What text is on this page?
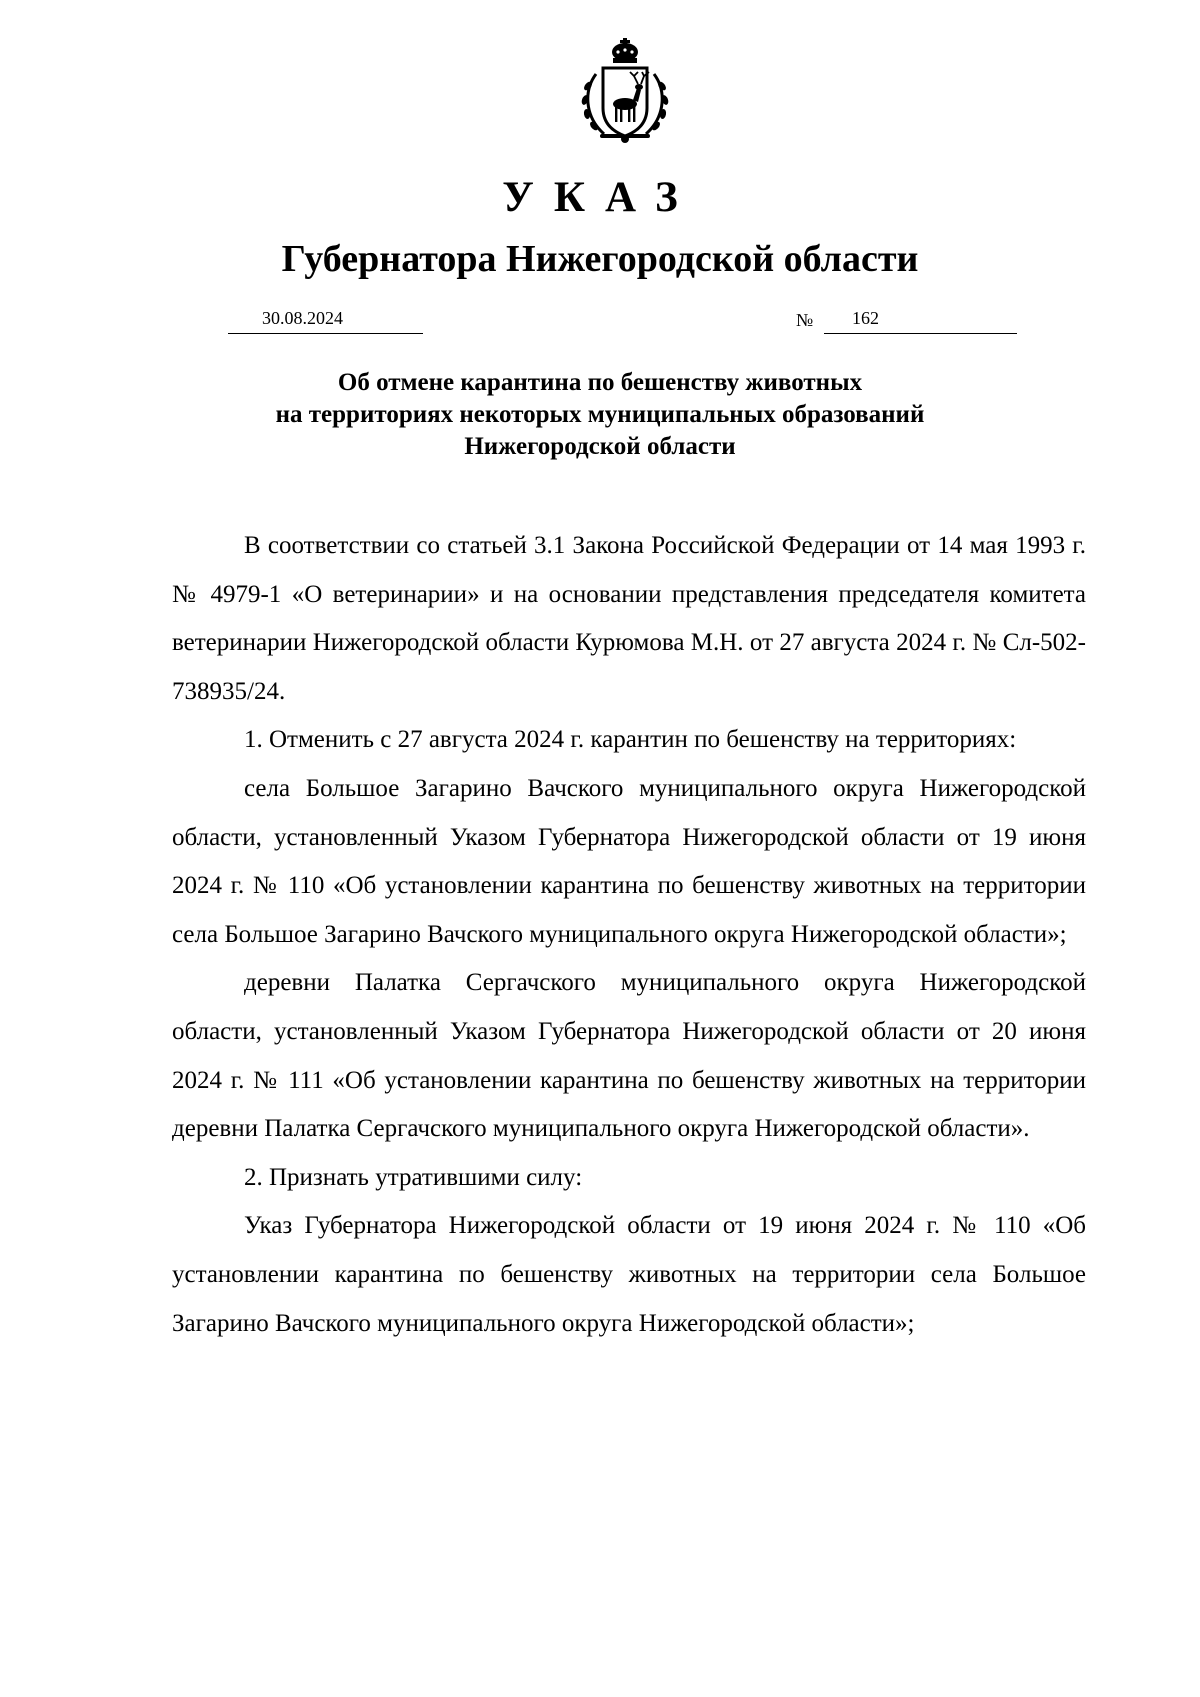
УКАЗ
Губернатора Нижегородской области
30.08.2024	№ 162
Об отмене карантина по бешенству животных
на территориях некоторых муниципальных образований
Нижегородской области

В соответствии со статьей 3.1 Закона Российской Федерации от 14 мая 1993 г. № 4979-1 «О ветеринарии» и на основании представления председателя комитета ветеринарии Нижегородской области Курюмова М.Н. от 27 августа 2024 г. № Сл-502-738935/24.

1. Отменить с 27 августа 2024 г. карантин по бешенству на территориях:

села Большое Загарино Вачского муниципального округа Нижегородской области, установленный Указом Губернатора Нижегородской области от 19 июня 2024 г. № 110 «Об установлении карантина по бешенству животных на территории села Большое Загарино Вачского муниципального округа Нижегородской области»;

деревни Палатка Сергачского муниципального округа Нижегородской области, установленный Указом Губернатора Нижегородской области от 20 июня 2024 г. № 111 «Об установлении карантина по бешенству животных на территории деревни Палатка Сергачского муниципального округа Нижегородской области».

2. Признать утратившими силу:

Указ Губернатора Нижегородской области от 19 июня 2024 г. № 110 «Об установлении карантина по бешенству животных на территории села Большое Загарино Вачского муниципального округа Нижегородской области»;
